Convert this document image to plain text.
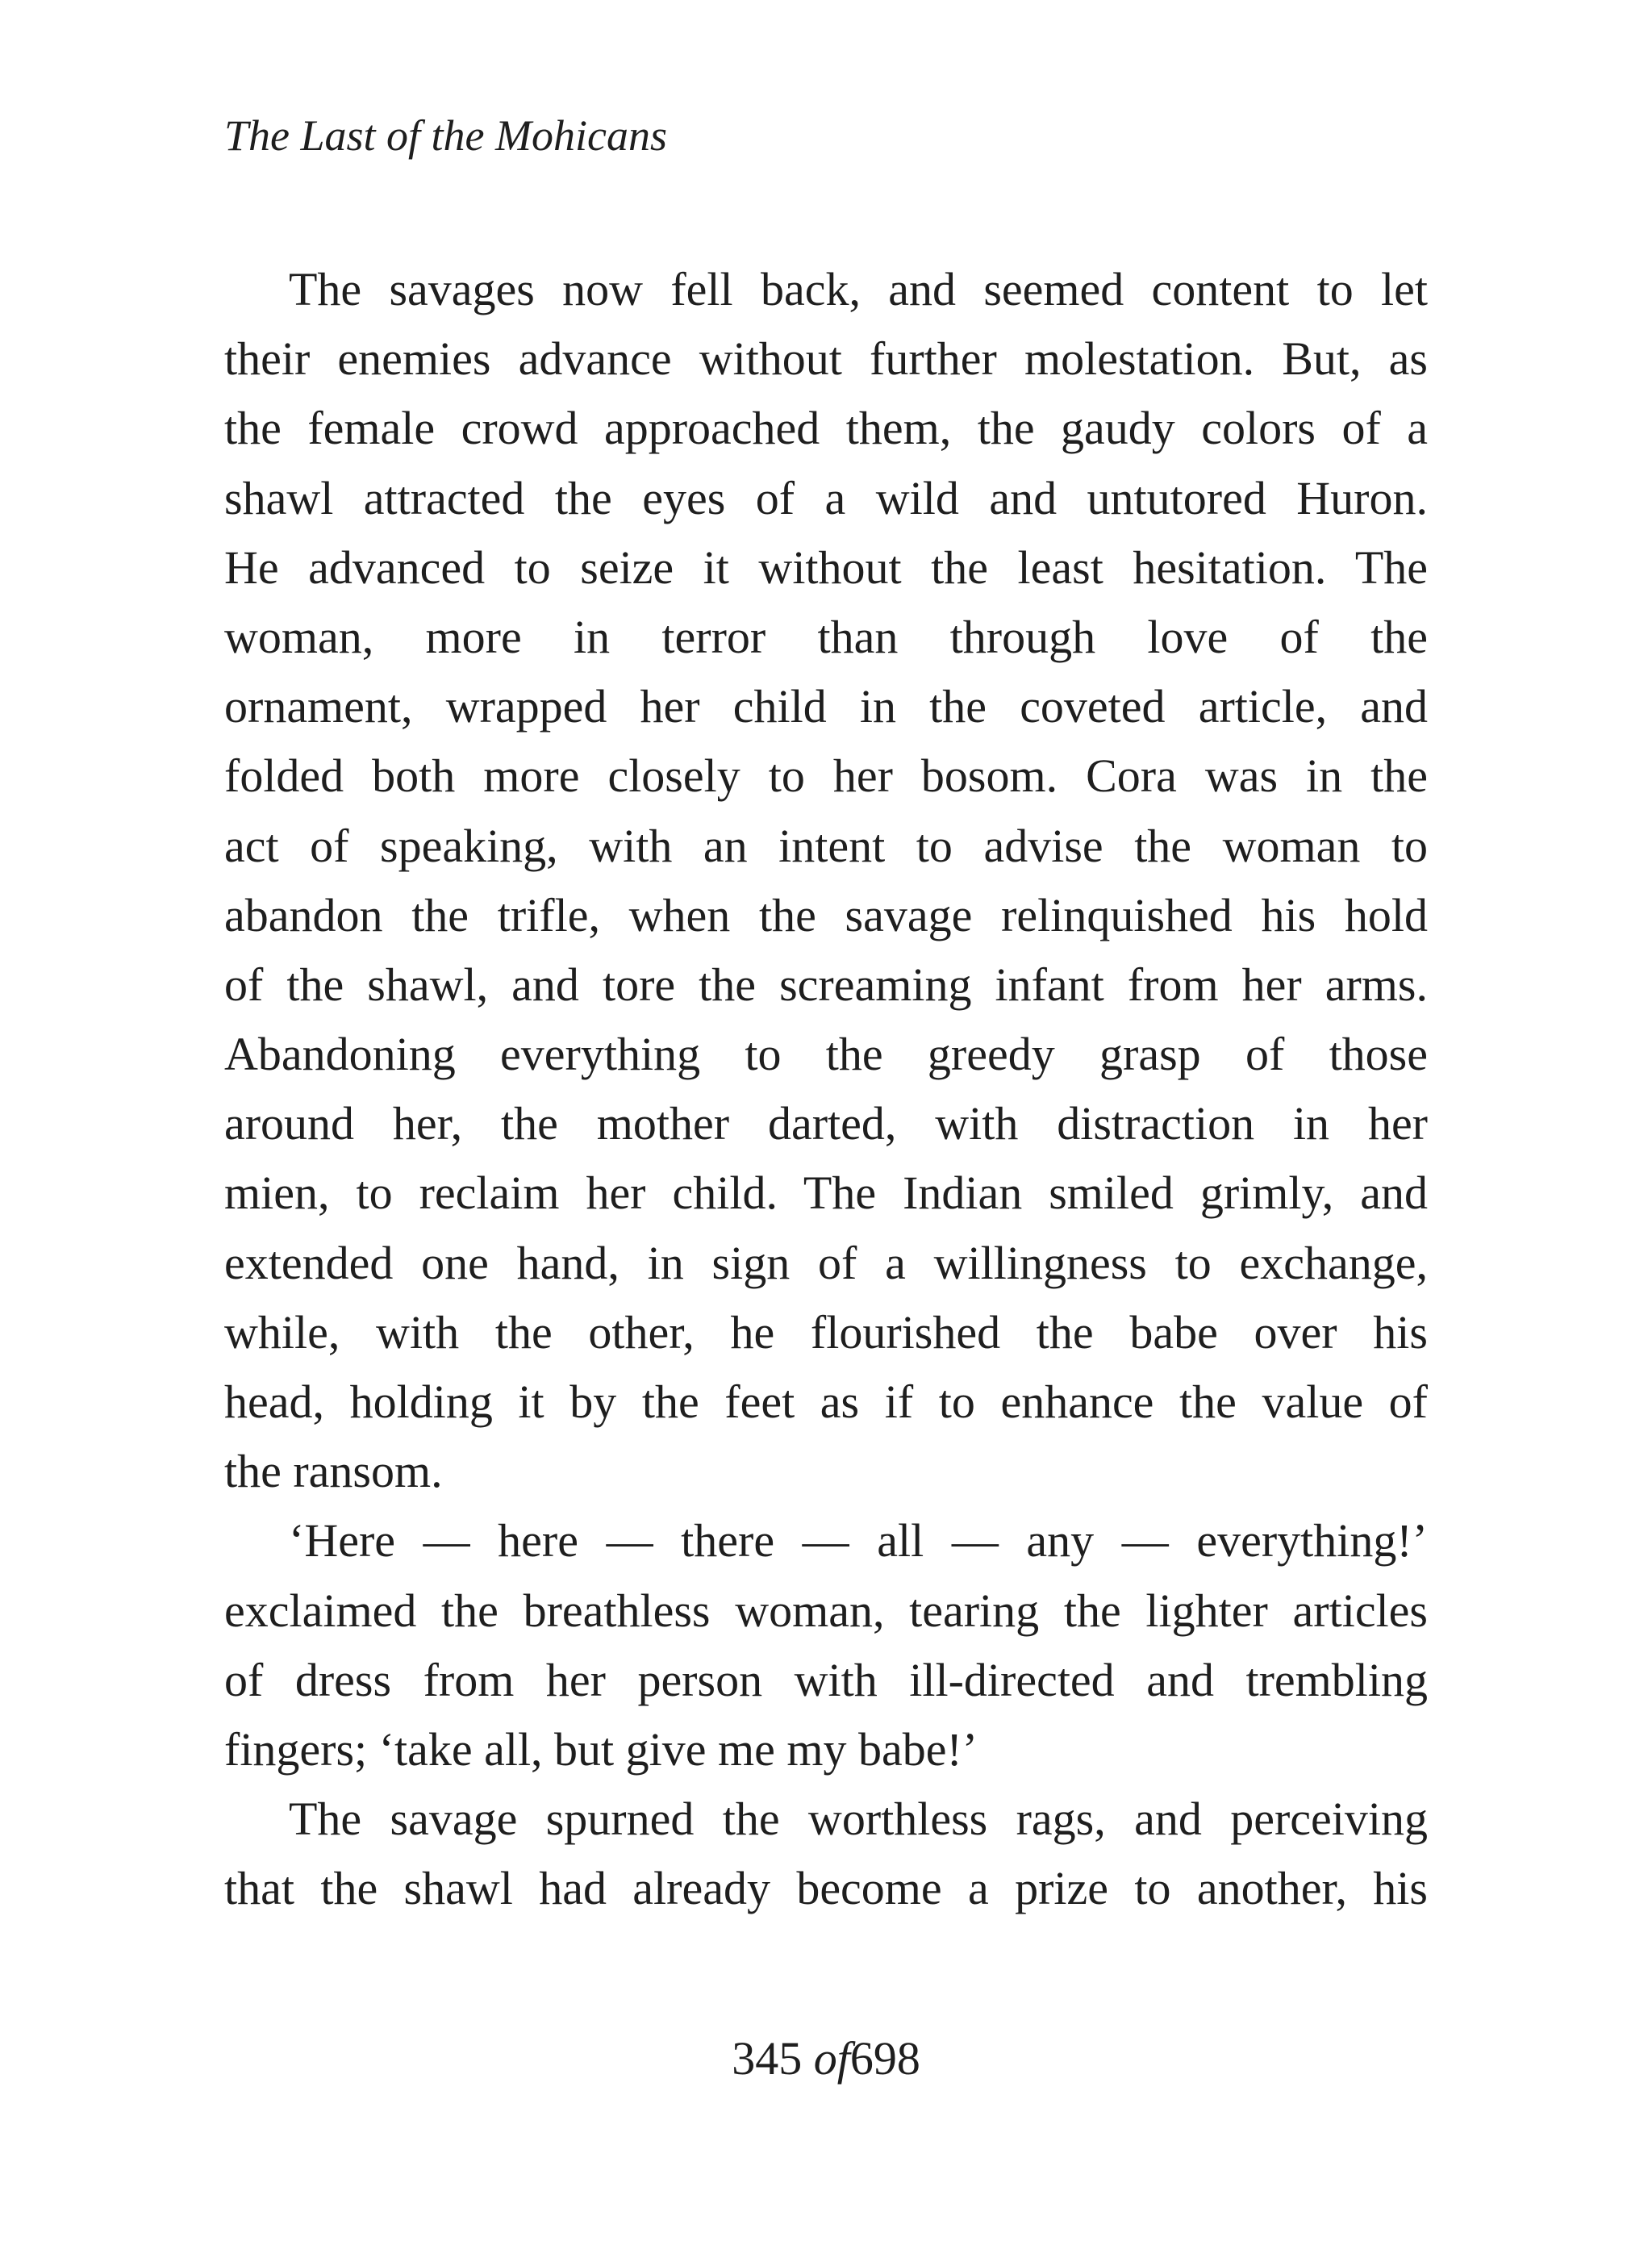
The Last of the Mohicans
The savages now fell back, and seemed content to let
their enemies advance without further molestation. But, as
the female crowd approached them, the gaudy colors of a
shawl attracted the eyes of a wild and untutored Huron.
He advanced to seize it without the least hesitation. The
woman, more in terror than through love of the
ornament, wrapped her child in the coveted article, and
folded both more closely to her bosom. Cora was in the
act of speaking, with an intent to advise the woman to
abandon the trifle, when the savage relinquished his hold
of the shawl, and tore the screaming infant from her arms.
Abandoning everything to the greedy grasp of those
around her, the mother darted, with distraction in her
mien, to reclaim her child. The Indian smiled grimly, and
extended one hand, in sign of a willingness to exchange,
while, with the other, he flourished the babe over his
head, holding it by the feet as if to enhance the value of
the ransom.
‘Here — here — there — all — any — everything!’
exclaimed the breathless woman, tearing the lighter articles
of dress from her person with ill-directed and trembling
fingers; ‘take all, but give me my babe!’
The savage spurned the worthless rags, and perceiving
that the shawl had already become a prize to another, his
345 of698
